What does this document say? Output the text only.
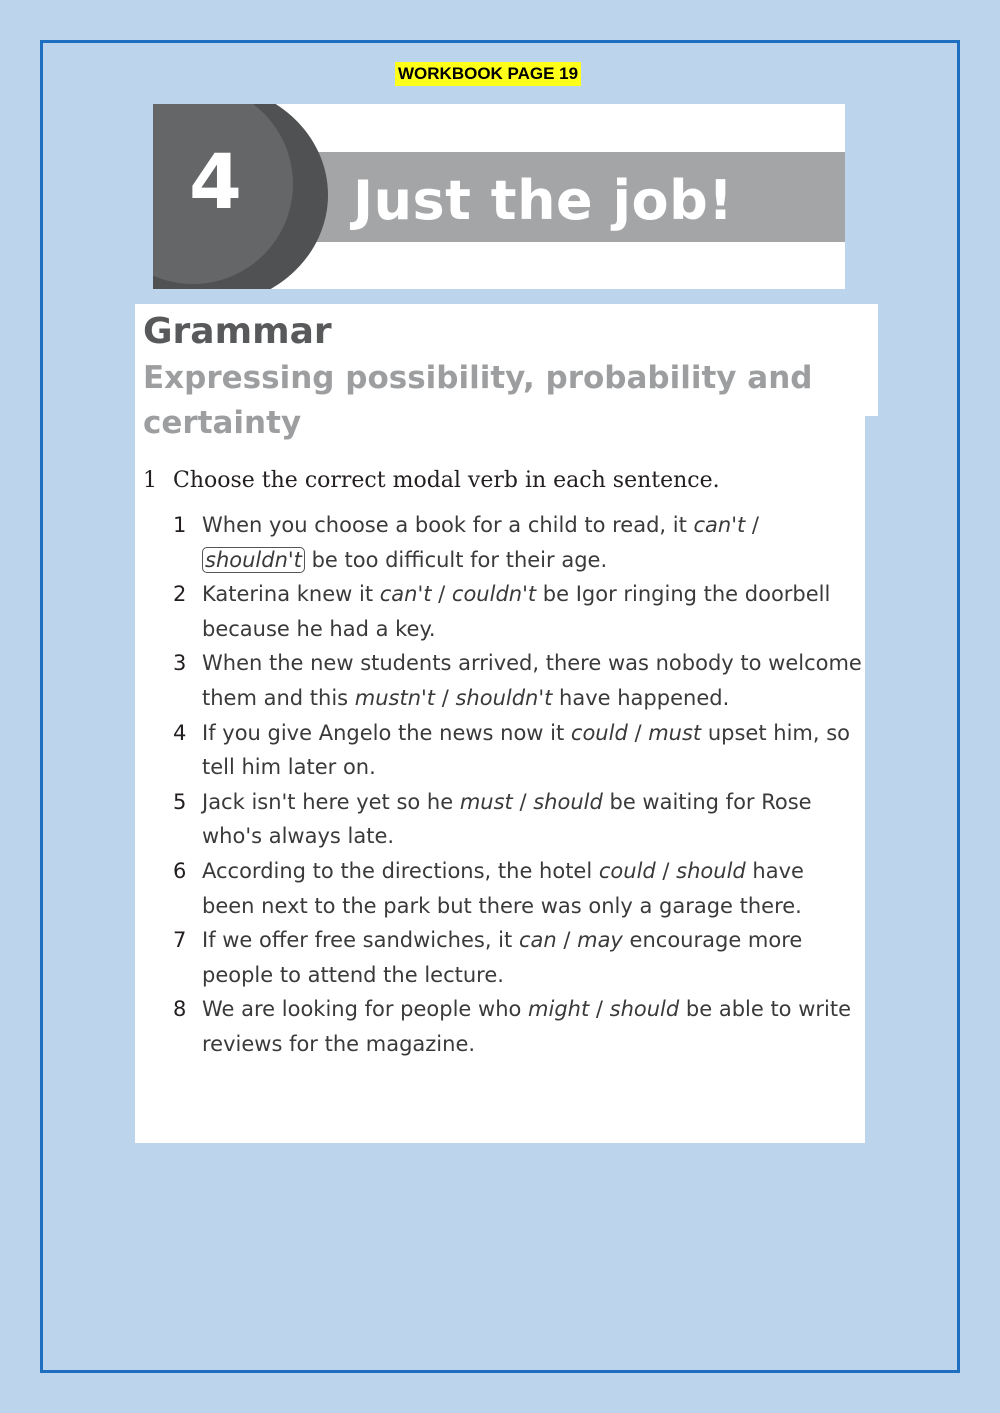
WORKBOOK PAGE 19
Just the job!
4
Grammar
Expressing possibility, probability and certainty
1 Choose the correct modal verb in each sentence.
1 When you choose a book for a child to read, it can't / shouldn't be too difficult for their age.
2 Katerina knew it can't / couldn't be Igor ringing the doorbell because he had a key.
3 When the new students arrived, there was nobody to welcome them and this mustn't / shouldn't have happened.
4 If you give Angelo the news now it could / must upset him, so tell him later on.
5 Jack isn't here yet so he must / should be waiting for Rose who's always late.
6 According to the directions, the hotel could / should have been next to the park but there was only a garage there.
7 If we offer free sandwiches, it can / may encourage more people to attend the lecture.
8 We are looking for people who might / should be able to write reviews for the magazine.
